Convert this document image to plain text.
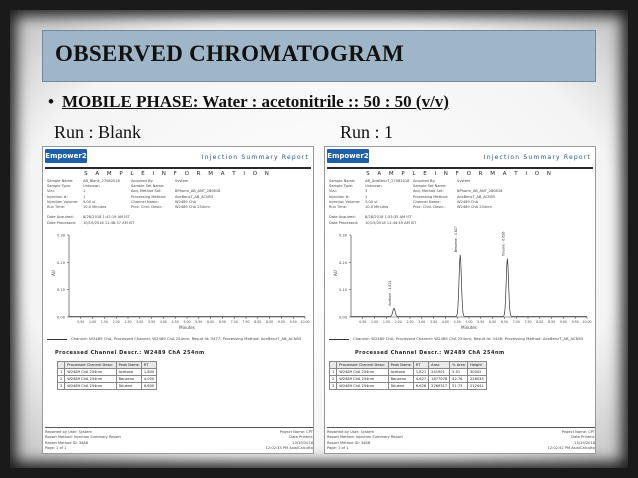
OBSERVED CHROMATOGRAM
• MOBILE PHASE: Water : acetonitrile :: 50 : 50 (v/v)
Run : Blank	Run : 1
Empower2	Injection Summary Report
S A M P L E I N F O R M A T I O N
Sample Name:	AB_Blank_27082018	Acquired By:	System
Sample Type:	Unknown	Sample Set Name:

Vial:	1	Acq. Method Set:	BPharm_AB_ANT_280818
Injection #:	1	Processing Method:	AceBenzT_AB_ACN55
Injection Volume: 5.00 ul	Channel Name:	W2489 ChA
Run Time:	10.0 Minutes	Proc. Chnl. Descr.:	W2489 ChA 254nm

Date Acquired:	8/28/2018 1:42:19 AM IST

Date Processed:	10/19/2018 11:48:37 AM IST

0.30
0.20
0.10
0.00
AU
0.50 1.00 1.50 2.00 2.50 3.00 3.50 4.00 4.50 5.00 5.50 6.00 6.50 7.00 7.50 8.00 8.50 9.00 9.50 10.00
Minutes
Channel: W2489 ChA; Processed Channel: W2489 ChA 254nm; Result Id: 3477; Processing Method: AceBenzT_AB_ACN55
Processed Channel Descr.: W2489 ChA 254nm
	Processed Channel Descr.	Peak Name	RT
1	W2489 ChA 254nm	Acetone	1.800
2	W2489 ChA 254nm	Benzene	4.000
3	W2489 ChA 254nm	Toluene	6.600
Reported by User: System	Project Name: CPT
Report Method: Injection Summary Report	Date Printed:
Report Method ID: 3488	10/19/2018
Page: 1 of 1	12:02:33 PM Asia/Calcutta
Empower2	Injection Summary Report
S A M P L E I N F O R M A T I O N
Sample Name:	AB_AceBenzT_27082018 Acquired By:	System
Sample Type:	Unknown	Sample Set Name:

Vial:	3	Acq. Method Set:	BPharm_AB_ANT_280818
Injection #:	1	Processing Method:	AceBenzT_AB_ACN55
Injection Volume: 5.00 ul	Channel Name:	W2489 ChA
Run Time:	10.0 Minutes	Proc. Chnl. Descr.:	W2489 ChA 254nm

Date Acquired:	8/28/2018 1:55:35 AM IST

Date Processed:	10/19/2018 11:44:49 AM IST

0.30
0.20
0.10
0.00
AU
0.50 1.00 1.50 2.00 2.50 3.00 3.50 4.00 4.50 5.00 5.50 6.00 6.50 7.00 7.50 8.00 8.50 9.00 9.50 10.00
Minutes
Acetone - 1.821
Benzene - 4.627	Toluene - 6.626
Channel: W2489 ChA; Processed Channel: W2489 ChA 254nm; Result Id: 3446; Processing Method: AceBenzT_AB_ACN55
Processed Channel Descr.: W2489 ChA 254nm
	Processed Channel Descr.	Peak Name	RT	Area	% Area	Height
1	W2489 ChA 254nm	Acetone	1.821	241901	5.51	30002
2	W2489 ChA 254nm	Benzene	4.627	1877078	42.76	226033
3	W2489 ChA 254nm	Toluene	6.626	2269317	51.73	212441
Reported by User: System	Project Name: CPT
Report Method: Injection Summary Report	Date Printed:
Report Method ID: 3488	10/19/2018
Page: 1 of 1	12:02:52 PM Asia/Calcutta
